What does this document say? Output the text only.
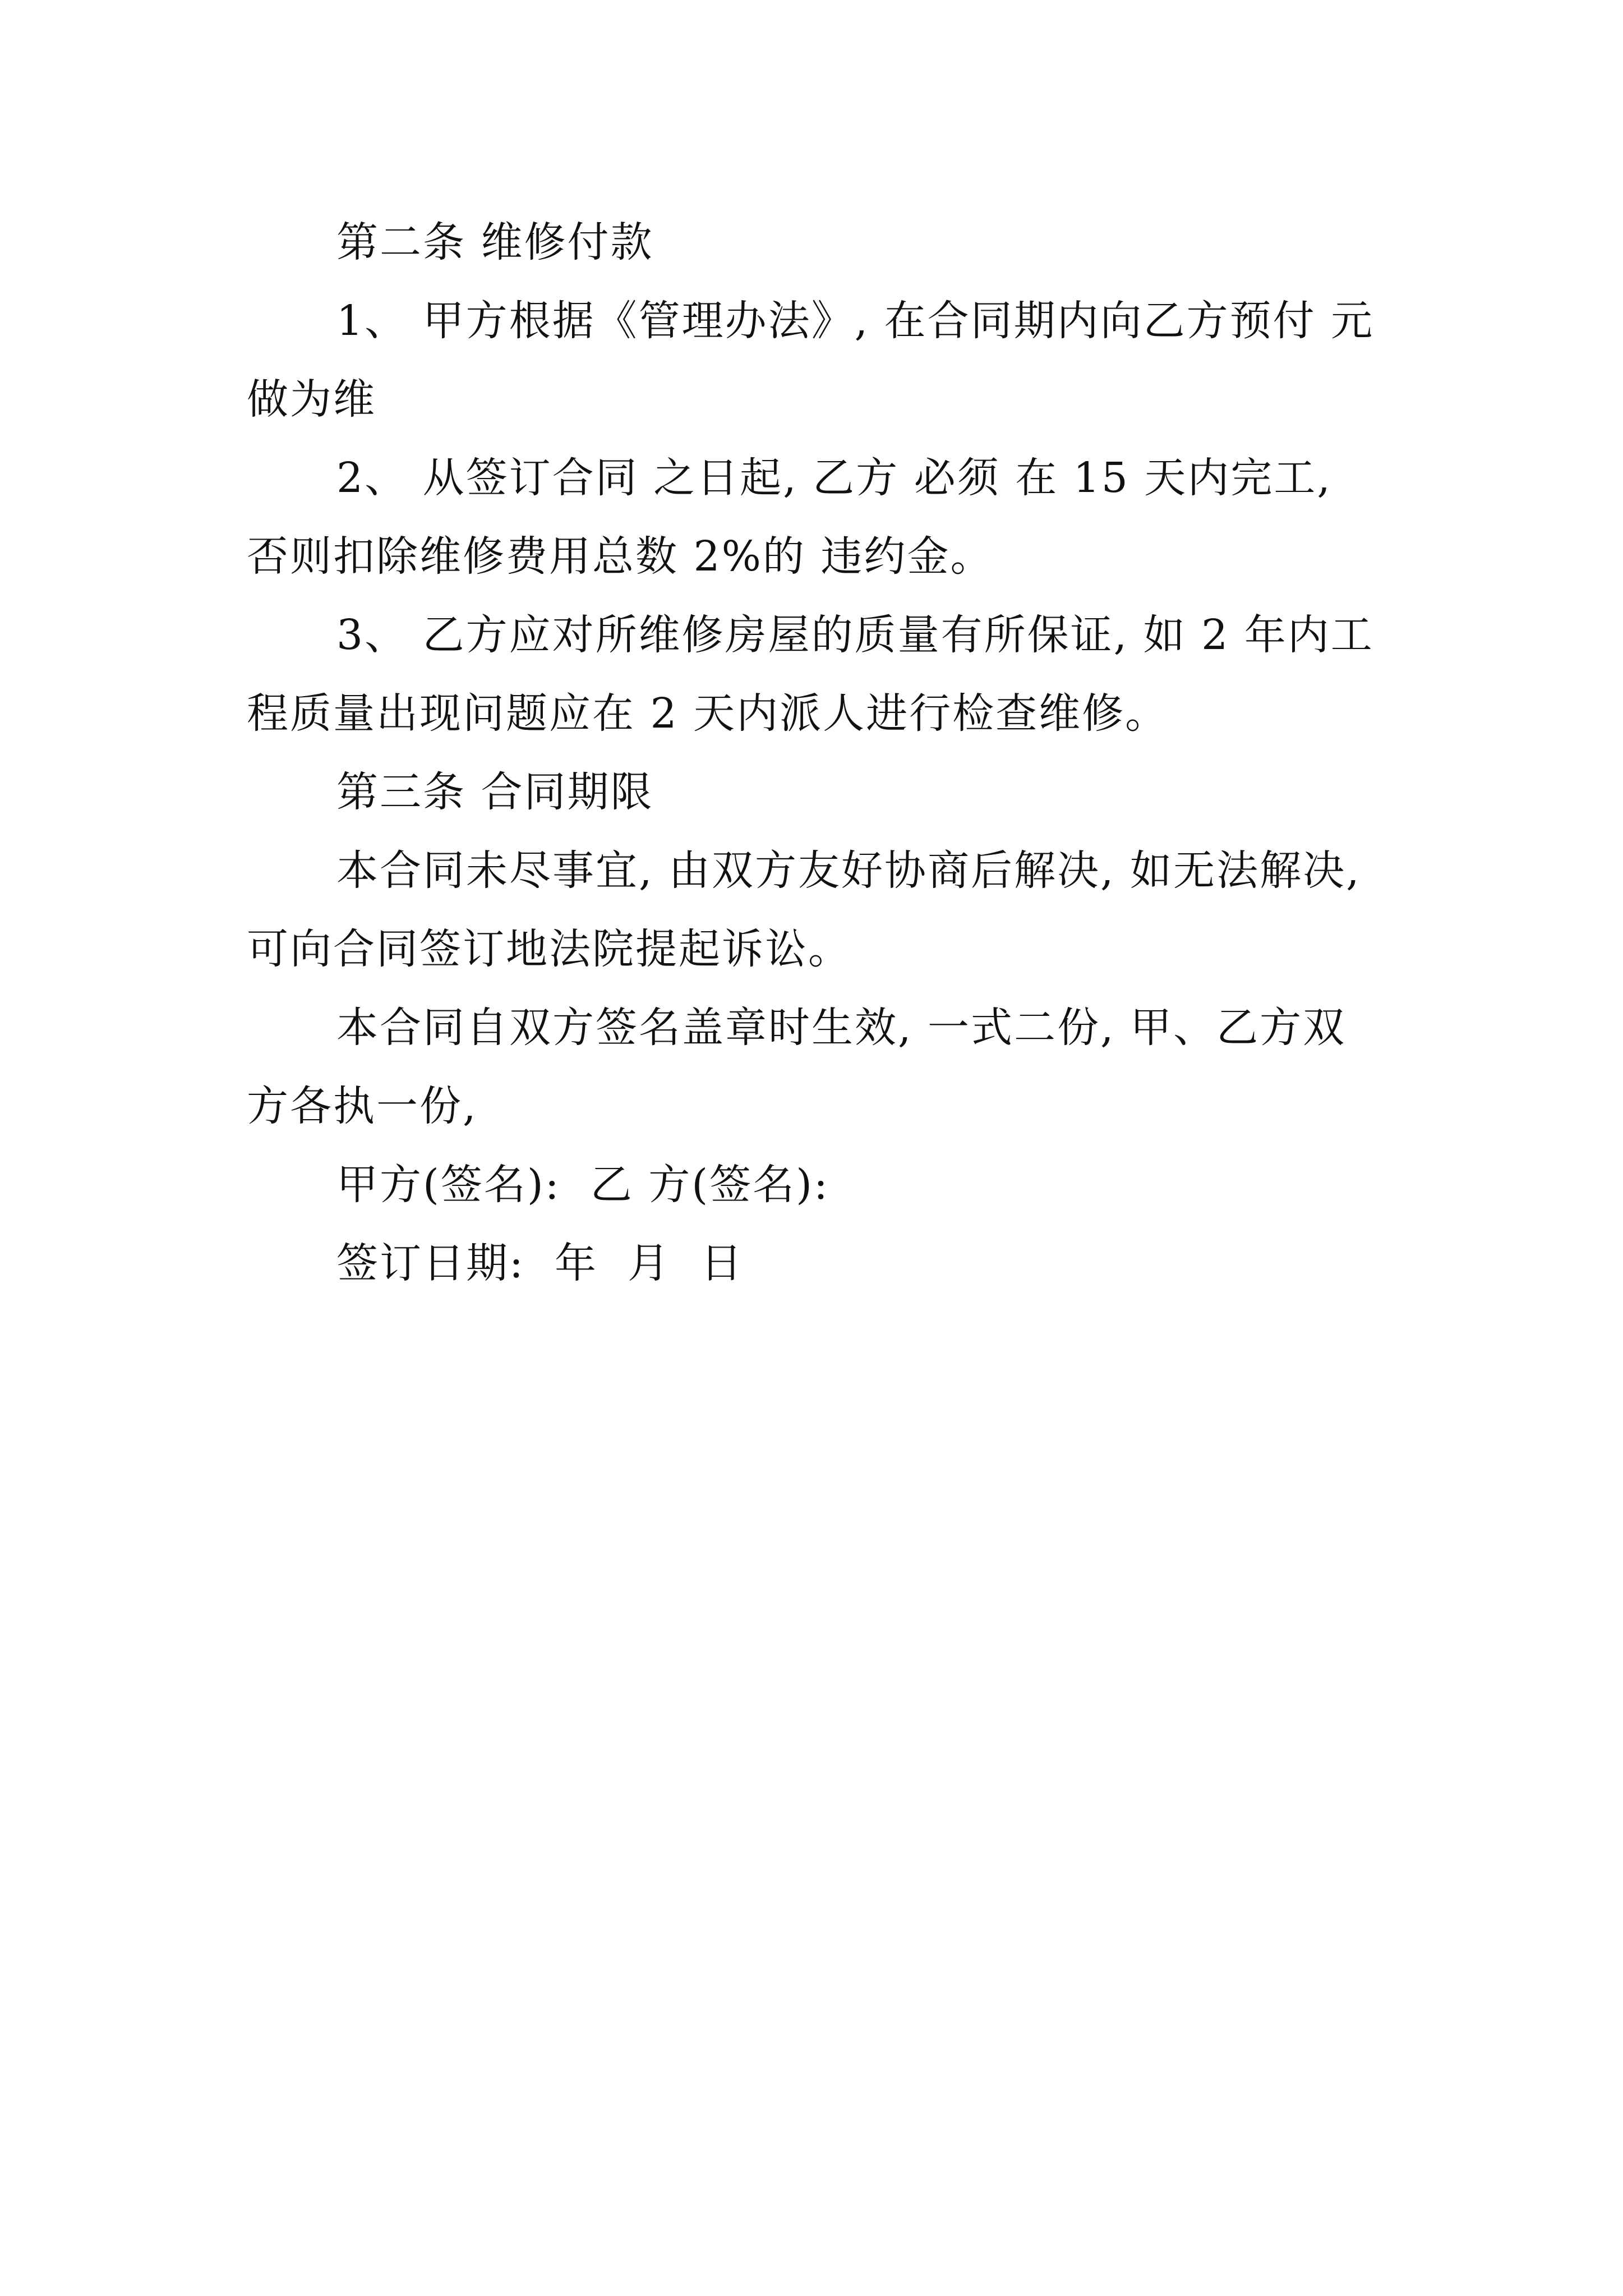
第二条 维修付款
1、 甲方根据《管理办法》, 在合同期内向乙方预付 元
做为维
2、 从签订合同 之日起, 乙方 必须 在 15 天内完工,
否则扣除维修费用总数 2%的 违约金。
3、 乙方应对所维修房屋的质量有所保证, 如 2 年内工
程质量出现问题应在 2 天内派人进行检查维修。
第三条 合同期限
本合同未尽事宜, 由双方友好协商后解决, 如无法解决,
可向合同签订地法院提起诉讼。
本合同自双方签名盖章时生效, 一式二份, 甲、乙方双
方各执一份,
甲方(签名):  乙 方(签名):
签订日期:  年  月  日
